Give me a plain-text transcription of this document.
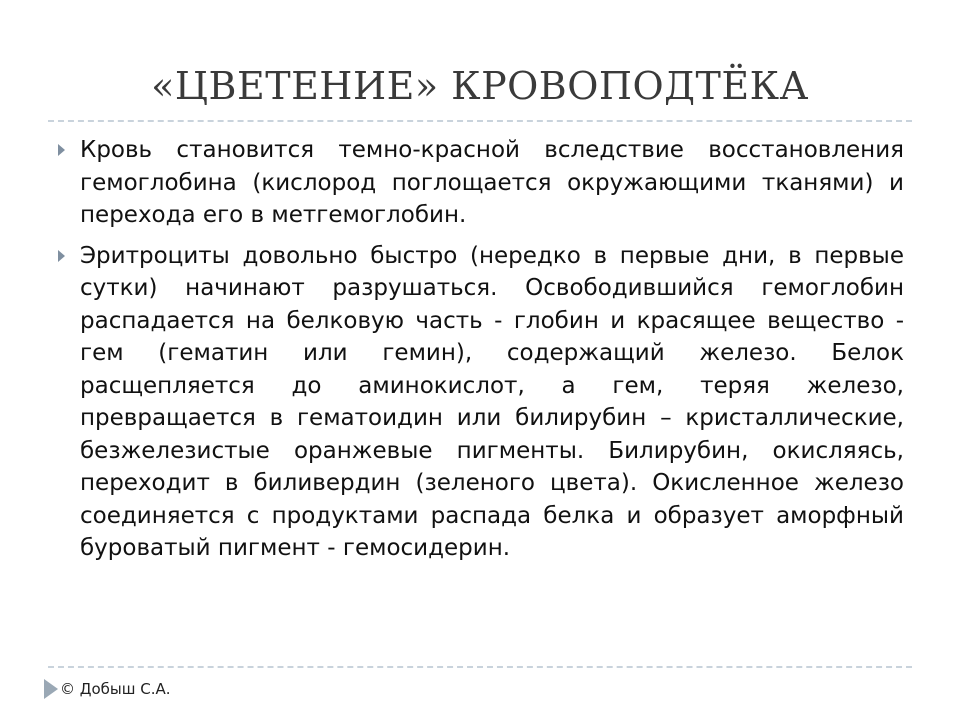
«ЦВЕТЕНИЕ» КРОВОПОДТЁКА

Кровь становится темно-красной вследствие восстановления гемоглобина (кислород поглощается окружающими тканями) и перехода его в метгемоглобин.

Эритроциты довольно быстро (нередко в первые дни, в первые сутки) начинают разрушаться. Освободившийся гемоглобин распадается на белковую часть - глобин и красящее вещество - гем (гематин или гемин), содержащий железо. Белок расщепляется до аминокислот, а гем, теряя железо, превращается в гематоидин или билирубин – кристаллические, безжелезистые оранжевые пигменты. Билирубин, окисляясь, переходит в биливердин (зеленого цвета). Окисленное железо соединяется с продуктами распада белка и образует аморфный буроватый пигмент - гемосидерин.

© Добыш С.А.
